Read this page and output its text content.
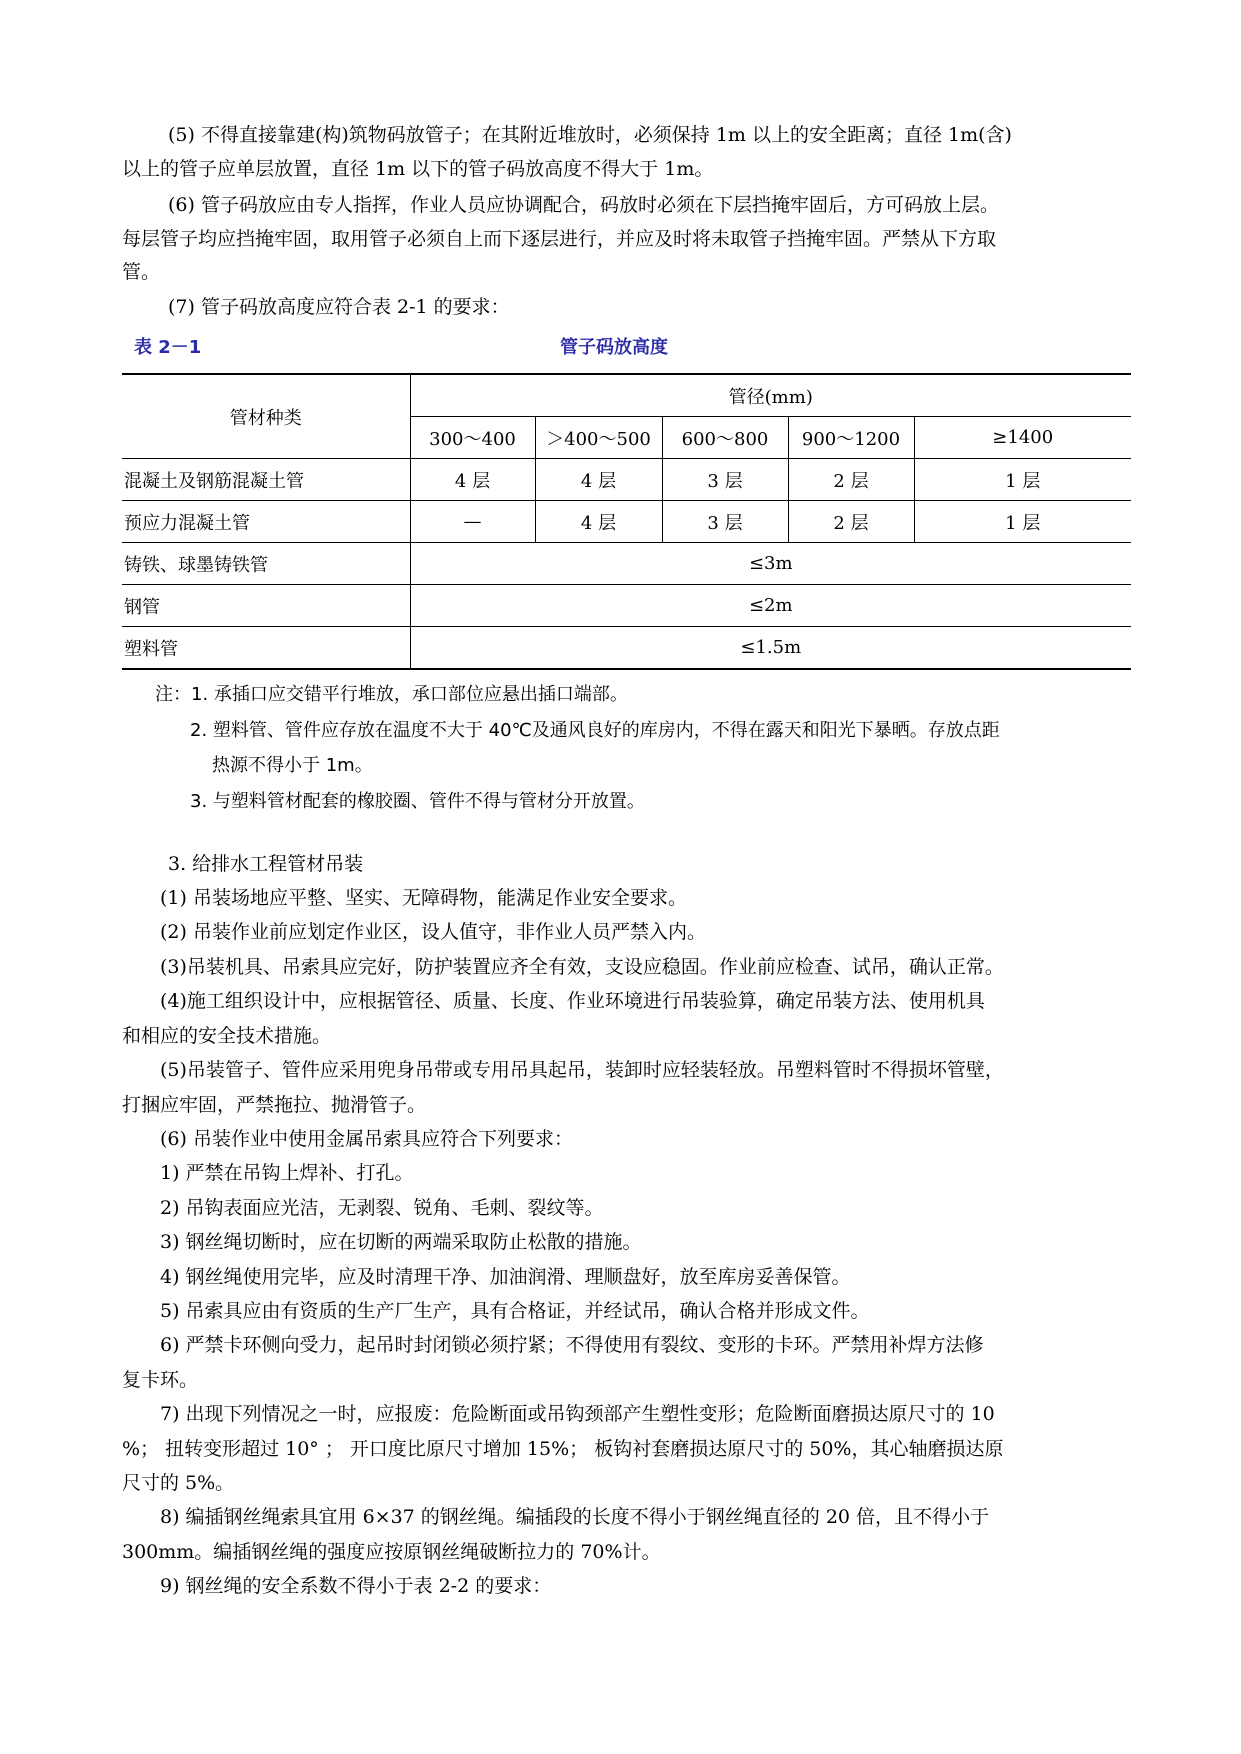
(5) 不得直接靠建(构)筑物码放管子；在其附近堆放时，必须保持 1m 以上的安全距离；直径 1m(含)

以上的管子应单层放置，直径 1m 以下的管子码放高度不得大于 1m。

(6) 管子码放应由专人指挥，作业人员应协调配合，码放时必须在下层挡掩牢固后，方可码放上层。

每层管子均应挡掩牢固，取用管子必须自上而下逐层进行，并应及时将未取管子挡掩牢固。严禁从下方取

管。

(7) 管子码放高度应符合表 2-1 的要求：

表 2－1	管子码放高度

管材种类	管径(mm)				
	300～400	＞400～500	600～800	900～1200	≥1400
混凝土及钢筋混凝土管	4 层	4 层	3 层	2 层	1 层
预应力混凝土管	—	4 层	3 层	2 层	1 层
铸铁、球墨铸铁管	≤3m				
钢管	≤2m				
塑料管	≤1.5m				

注：1. 承插口应交错平行堆放，承口部位应悬出插口端部。

2. 塑料管、管件应存放在温度不大于 40℃及通风良好的库房内，不得在露天和阳光下暴晒。存放点距

热源不得小于 1m。

3. 与塑料管材配套的橡胶圈、管件不得与管材分开放置。

3. 给排水工程管材吊装

(1) 吊装场地应平整、坚实、无障碍物，能满足作业安全要求。

(2) 吊装作业前应划定作业区，设人值守，非作业人员严禁入内。

(3)吊装机具、吊索具应完好，防护装置应齐全有效，支设应稳固。作业前应检查、试吊，确认正常。

(4)施工组织设计中，应根据管径、质量、长度、作业环境进行吊装验算，确定吊装方法、使用机具

和相应的安全技术措施。

(5)吊装管子、管件应采用兜身吊带或专用吊具起吊，装卸时应轻装轻放。吊塑料管时不得损坏管壁，

打捆应牢固，严禁拖拉、抛滑管子。

(6) 吊装作业中使用金属吊索具应符合下列要求：

1) 严禁在吊钩上焊补、打孔。

2) 吊钩表面应光洁，无剥裂、锐角、毛刺、裂纹等。

3) 钢丝绳切断时，应在切断的两端采取防止松散的措施。

4) 钢丝绳使用完毕，应及时清理干净、加油润滑、理顺盘好，放至库房妥善保管。

5) 吊索具应由有资质的生产厂生产，具有合格证，并经试吊，确认合格并形成文件。

6) 严禁卡环侧向受力，起吊时封闭锁必须拧紧；不得使用有裂纹、变形的卡环。严禁用补焊方法修

复卡环。

7) 出现下列情况之一时，应报废：危险断面或吊钩颈部产生塑性变形；危险断面磨损达原尺寸的 10

%； 扭转变形超过 10° ； 开口度比原尺寸增加 15%； 板钩衬套磨损达原尺寸的 50%，其心轴磨损达原

尺寸的 5%。

8) 编插钢丝绳索具宜用 6×37 的钢丝绳。编插段的长度不得小于钢丝绳直径的 20 倍，且不得小于

300mm。编插钢丝绳的强度应按原钢丝绳破断拉力的 70%计。

9) 钢丝绳的安全系数不得小于表 2-2 的要求：
